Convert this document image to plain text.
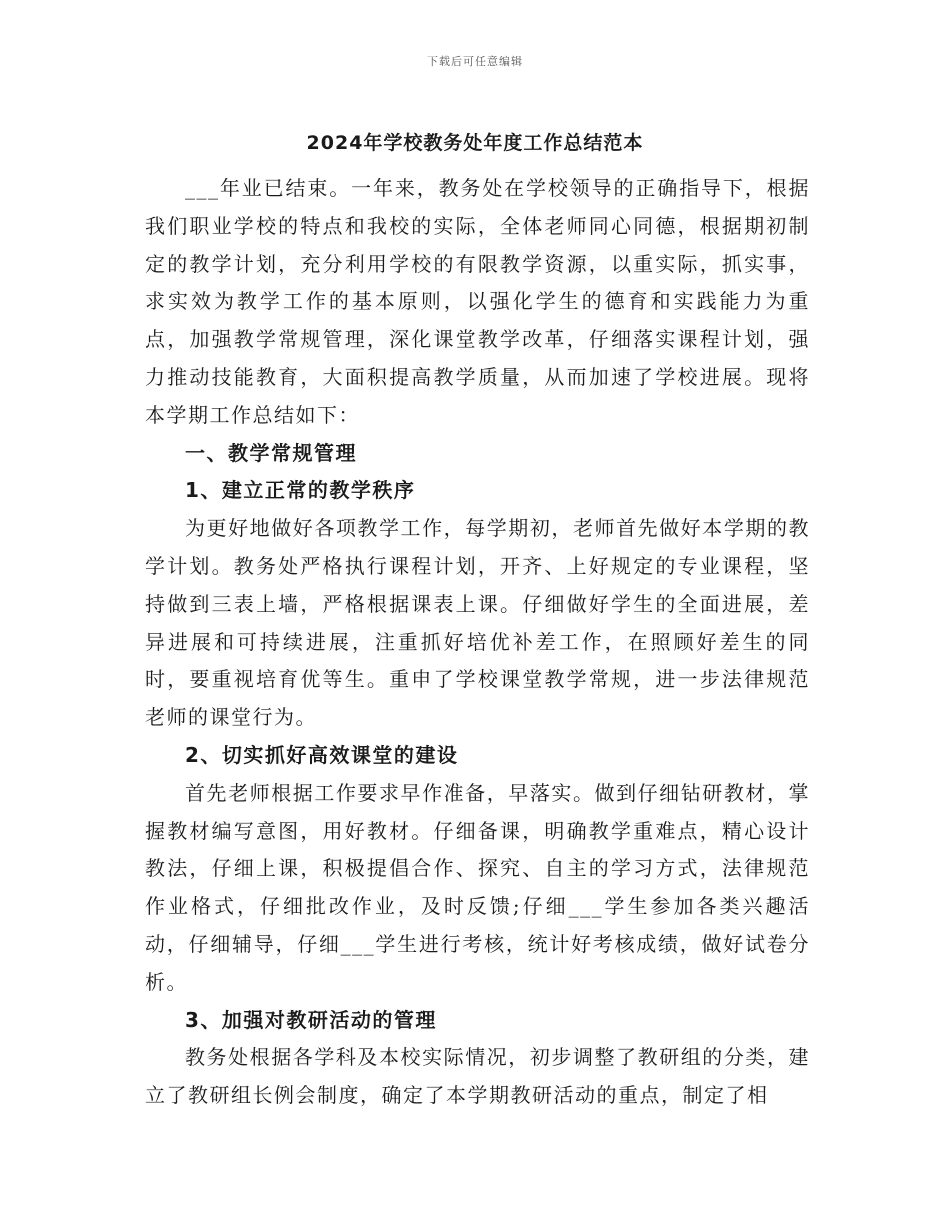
下载后可任意编辑
2024年学校教务处年度工作总结范本

___年业已结束。一年来，教务处在学校领导的正确指导下，根据我们职业学校的特点和我校的实际，全体老师同心同德，根据期初制定的教学计划，充分利用学校的有限教学资源，以重实际，抓实事，求实效为教学工作的基本原则，以强化学生的德育和实践能力为重点，加强教学常规管理，深化课堂教学改革，仔细落实课程计划，强力推动技能教育，大面积提高教学质量，从而加速了学校进展。现将本学期工作总结如下：

一、教学常规管理
1、建立正常的教学秩序

为更好地做好各项教学工作，每学期初，老师首先做好本学期的教学计划。教务处严格执行课程计划，开齐、上好规定的专业课程，坚持做到三表上墙，严格根据课表上课。仔细做好学生的全面进展，差异进展和可持续进展，注重抓好培优补差工作，在照顾好差生的同时，要重视培育优等生。重申了学校课堂教学常规，进一步法律规范老师的课堂行为。

2、切实抓好高效课堂的建设

首先老师根据工作要求早作准备，早落实。做到仔细钻研教材，掌握教材编写意图，用好教材。仔细备课，明确教学重难点，精心设计教法，仔细上课，积极提倡合作、探究、自主的学习方式，法律规范作业格式，仔细批改作业，及时反馈;仔细___学生参加各类兴趣活动，仔细辅导，仔细___学生进行考核，统计好考核成绩，做好试卷分析。

3、加强对教研活动的管理

教务处根据各学科及本校实际情况，初步调整了教研组的分类，建立了教研组长例会制度，确定了本学期教研活动的重点，制定了相
